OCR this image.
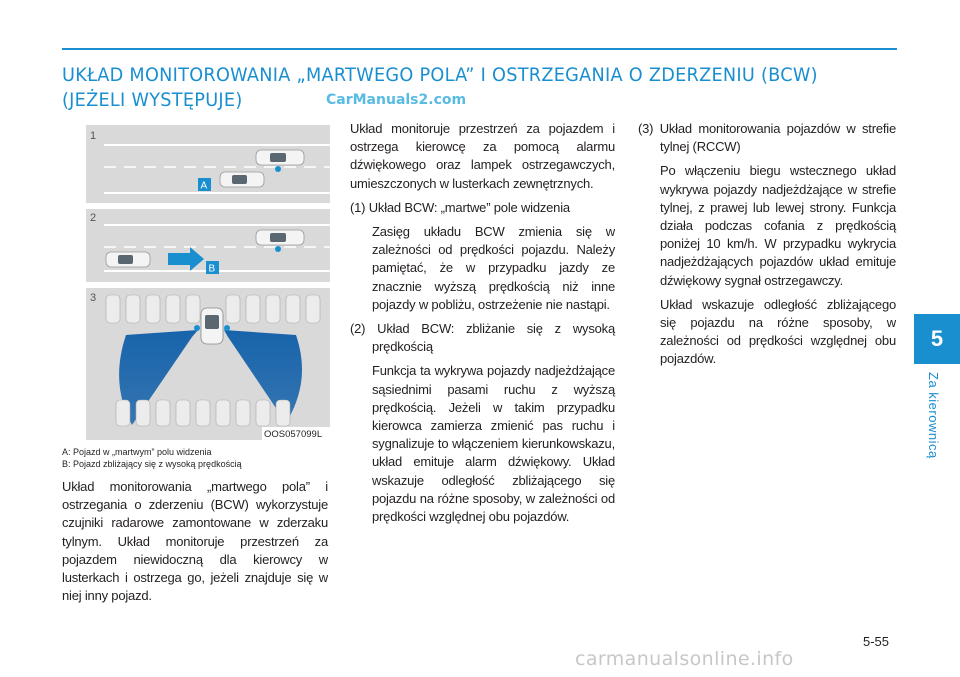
UKŁAD MONITOROWANIA „MARTWEGO POLA” I OSTRZEGANIA O ZDERZENIU (BCW) (JEŻELI WYSTĘPUJE)	CarManuals2.com
1
2
3
A
B
OOS057099L
A: Pojazd w „martwym” polu widzenia
B: Pojazd zbliżający się z wysoką prędkością

Układ monitorowania „martwego pola” i ostrzegania o zderzeniu (BCW) wykorzystuje czujniki radarowe zamontowane w zderzaku tylnym. Układ monitoruje przestrzeń za pojazdem niewidoczną dla kierowcy w lusterkach i ostrzega go, jeżeli znajduje się w niej inny pojazd.

Układ monitoruje przestrzeń za pojazdem i ostrzega kierowcę za pomocą alarmu dźwiękowego oraz lampek ostrzegawczych, umieszczonych w lusterkach zewnętrznych.

(1) Układ BCW: „martwe” pole widzenia

Zasięg układu BCW zmienia się w zależności od prędkości pojazdu. Należy pamiętać, że w przypadku jazdy ze znacznie wyższą prędkością niż inne pojazdy w pobliżu, ostrzeżenie nie nastąpi.

(2) Układ BCW: zbliżanie się z wysoką prędkością

Funkcja ta wykrywa pojazdy nadjeżdżające sąsiednimi pasami ruchu z wyższą prędkością. Jeżeli w takim przypadku kierowca zamierza zmienić pas ruchu i sygnalizuje to włączeniem kierunkowskazu, układ emituje alarm dźwiękowy. Układ wskazuje odległość zbliżającego się pojazdu na różne sposoby, w zależności od prędkości względnej obu pojazdów.

(3) Układ monitorowania pojazdów w strefie tylnej (RCCW)

Po włączeniu biegu wstecznego układ wykrywa pojazdy nadjeżdżające w strefie tylnej, z prawej lub lewej strony. Funkcja działa podczas cofania z prędkością poniżej 10 km/h. W przypadku wykrycia nadjeżdżających pojazdów układ emituje dźwiękowy sygnał ostrzegawczy.

Układ wskazuje odległość zbliżającego się pojazdu na różne sposoby, w zależności od prędkości względnej obu pojazdów.

5
Za kierownicą
5-55
carmanualsonline.info
